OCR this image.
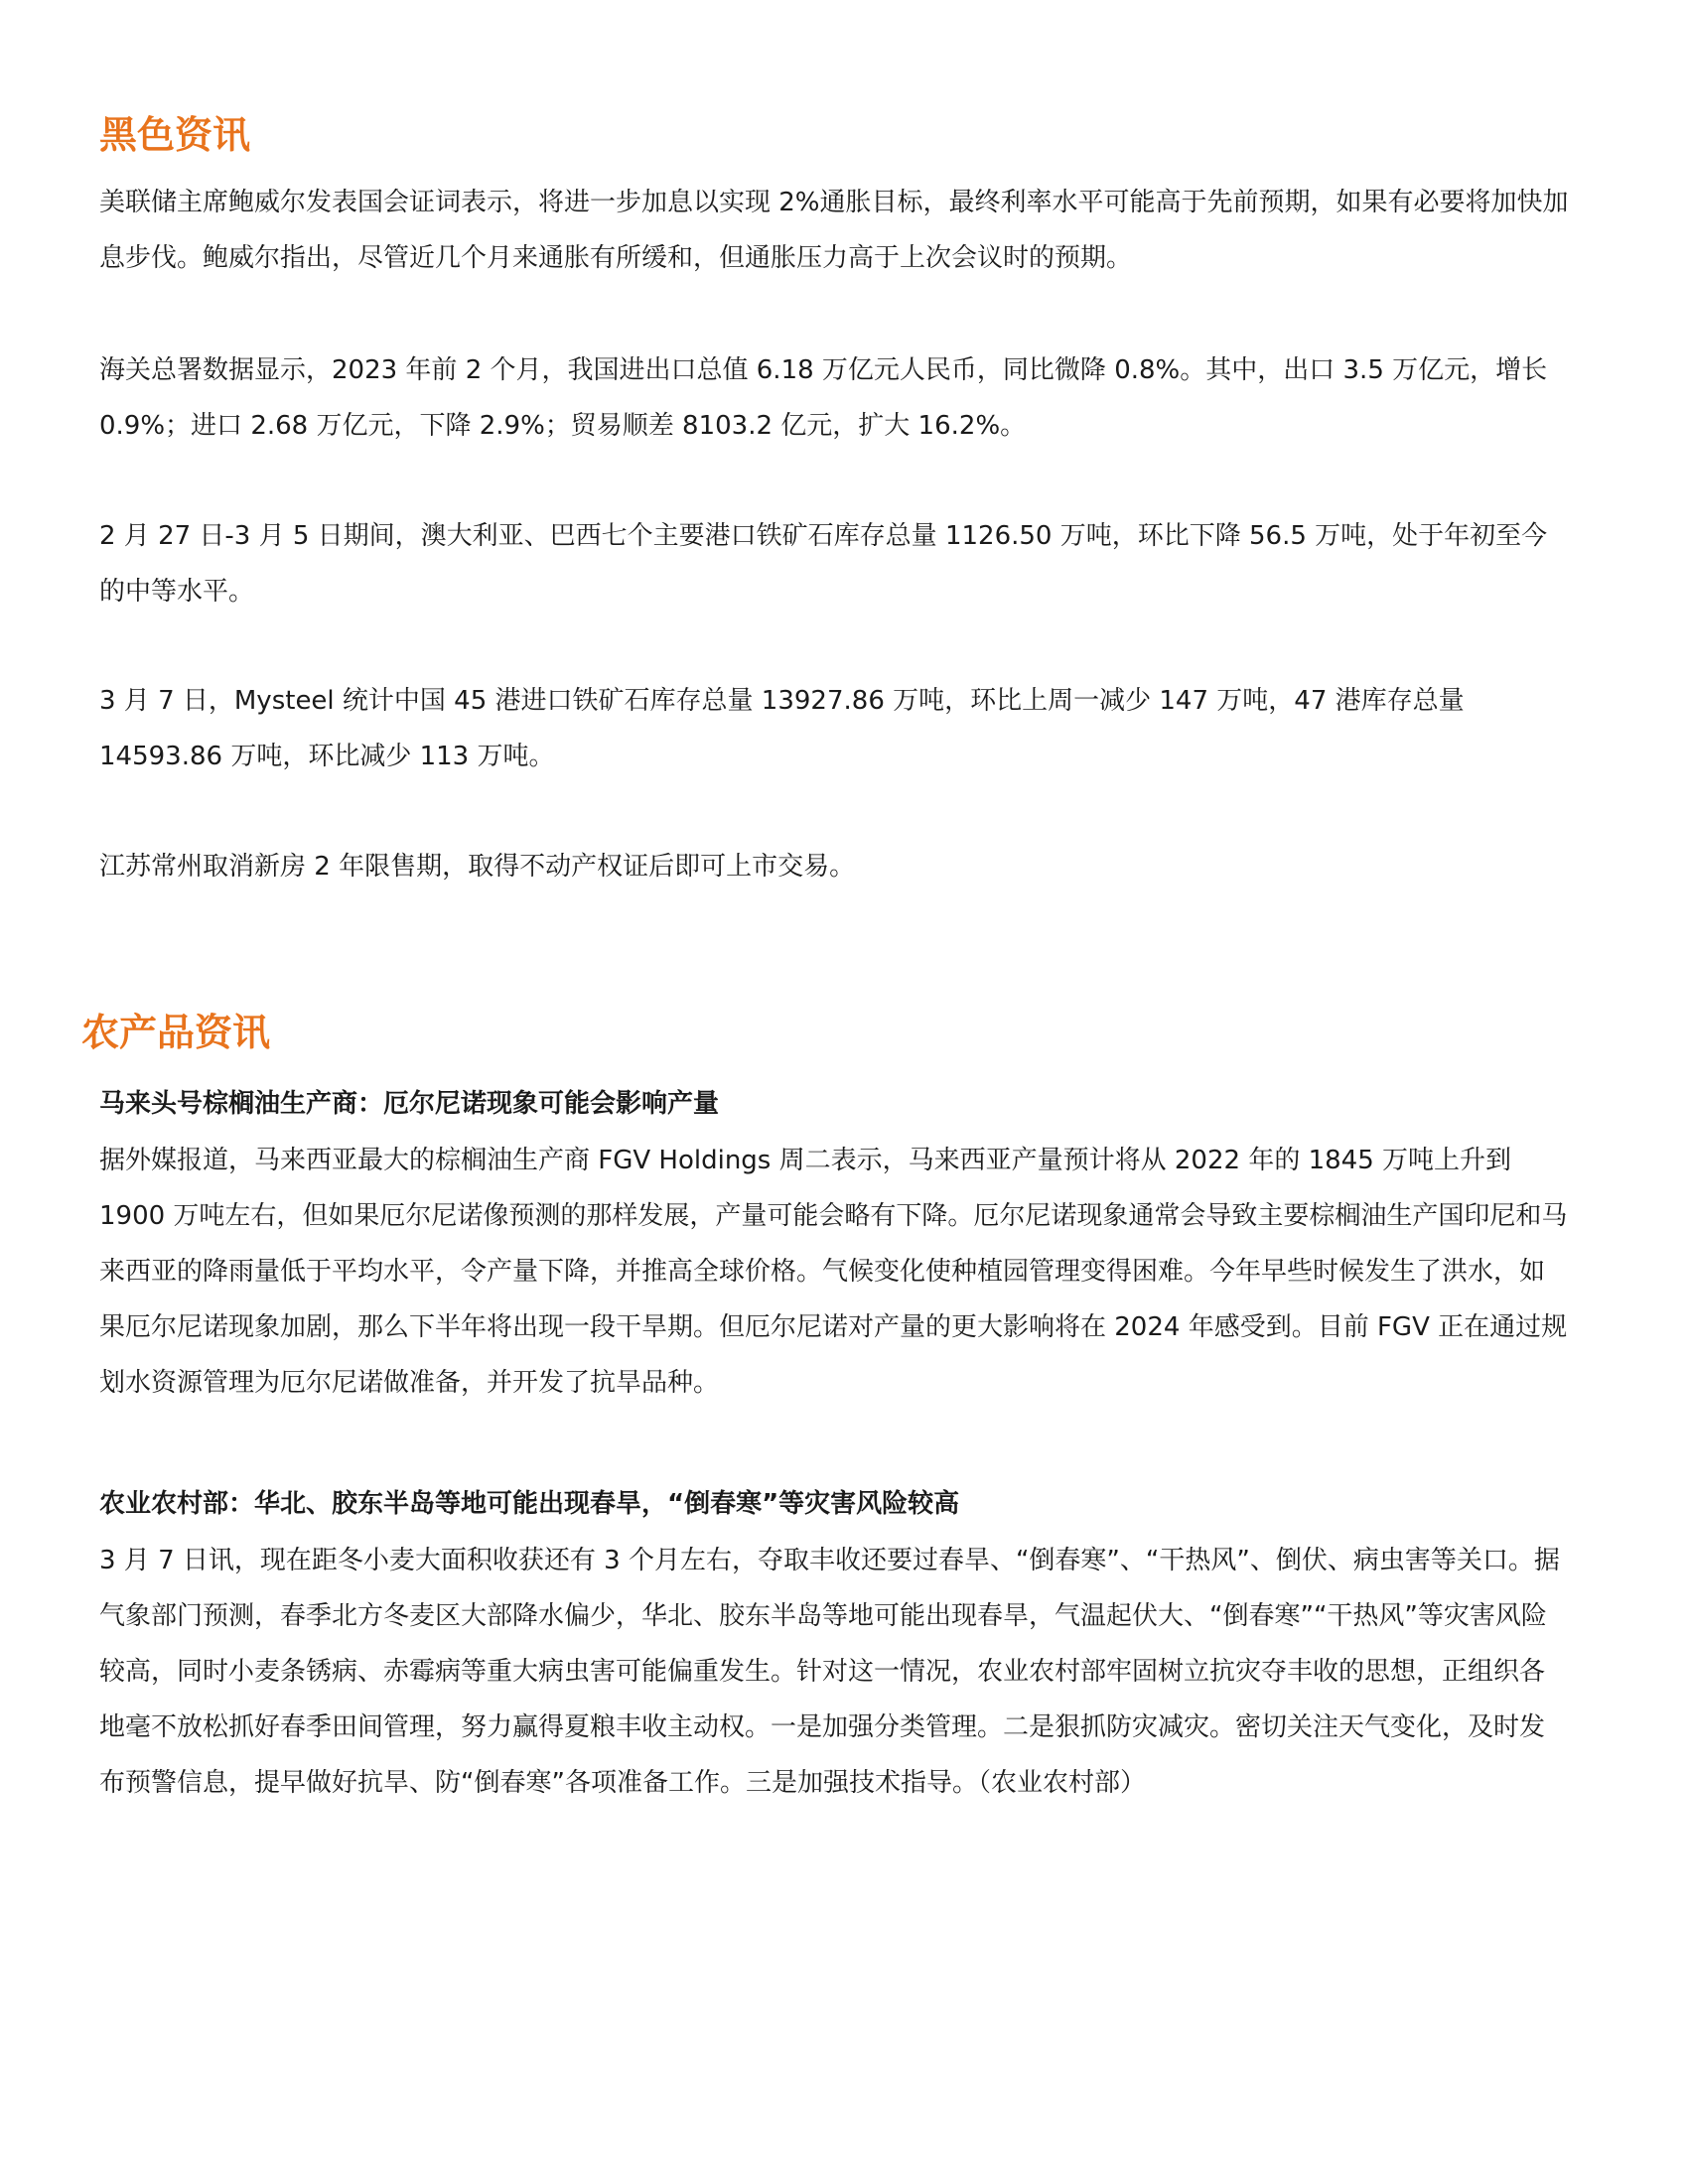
黑色资讯

美联储主席鲍威尔发表国会证词表示，将进一步加息以实现 2%通胀目标，最终利率水平可能高于先前预期，如果有必要将加快加息步伐。鲍威尔指出，尽管近几个月来通胀有所缓和，但通胀压力高于上次会议时的预期。

海关总署数据显示，2023 年前 2 个月，我国进出口总值 6.18 万亿元人民币，同比微降 0.8%。其中，出口 3.5 万亿元，增长 0.9%；进口 2.68 万亿元，下降 2.9%；贸易顺差 8103.2 亿元，扩大 16.2%。

2 月 27 日-3 月 5 日期间，澳大利亚、巴西七个主要港口铁矿石库存总量 1126.50 万吨，环比下降 56.5 万吨，处于年初至今的中等水平。

3 月 7 日，Mysteel 统计中国 45 港进口铁矿石库存总量 13927.86 万吨，环比上周一减少 147 万吨，47 港库存总量 14593.86 万吨，环比减少 113 万吨。

江苏常州取消新房 2 年限售期，取得不动产权证后即可上市交易。

农产品资讯
马来头号棕榈油生产商：厄尔尼诺现象可能会影响产量

据外媒报道，马来西亚最大的棕榈油生产商 FGV Holdings 周二表示，马来西亚产量预计将从 2022 年的 1845 万吨上升到 1900 万吨左右，但如果厄尔尼诺像预测的那样发展，产量可能会略有下降。厄尔尼诺现象通常会导致主要棕榈油生产国印尼和马来西亚的降雨量低于平均水平，令产量下降，并推高全球价格。气候变化使种植园管理变得困难。今年早些时候发生了洪水，如果厄尔尼诺现象加剧，那么下半年将出现一段干旱期。但厄尔尼诺对产量的更大影响将在 2024 年感受到。目前 FGV 正在通过规划水资源管理为厄尔尼诺做准备，并开发了抗旱品种。

农业农村部：华北、胶东半岛等地可能出现春旱，“倒春寒”等灾害风险较高

3 月 7 日讯，现在距冬小麦大面积收获还有 3 个月左右，夺取丰收还要过春旱、“倒春寒”、“干热风”、倒伏、病虫害等关口。据气象部门预测，春季北方冬麦区大部降水偏少，华北、胶东半岛等地可能出现春旱，气温起伏大、“倒春寒”“干热风”等灾害风险较高，同时小麦条锈病、赤霉病等重大病虫害可能偏重发生。针对这一情况，农业农村部牢固树立抗灾夺丰收的思想，正组织各地毫不放松抓好春季田间管理，努力赢得夏粮丰收主动权。一是加强分类管理。二是狠抓防灾减灾。密切关注天气变化，及时发布预警信息，提早做好抗旱、防“倒春寒”各项准备工作。三是加强技术指导。（农业农村部）
